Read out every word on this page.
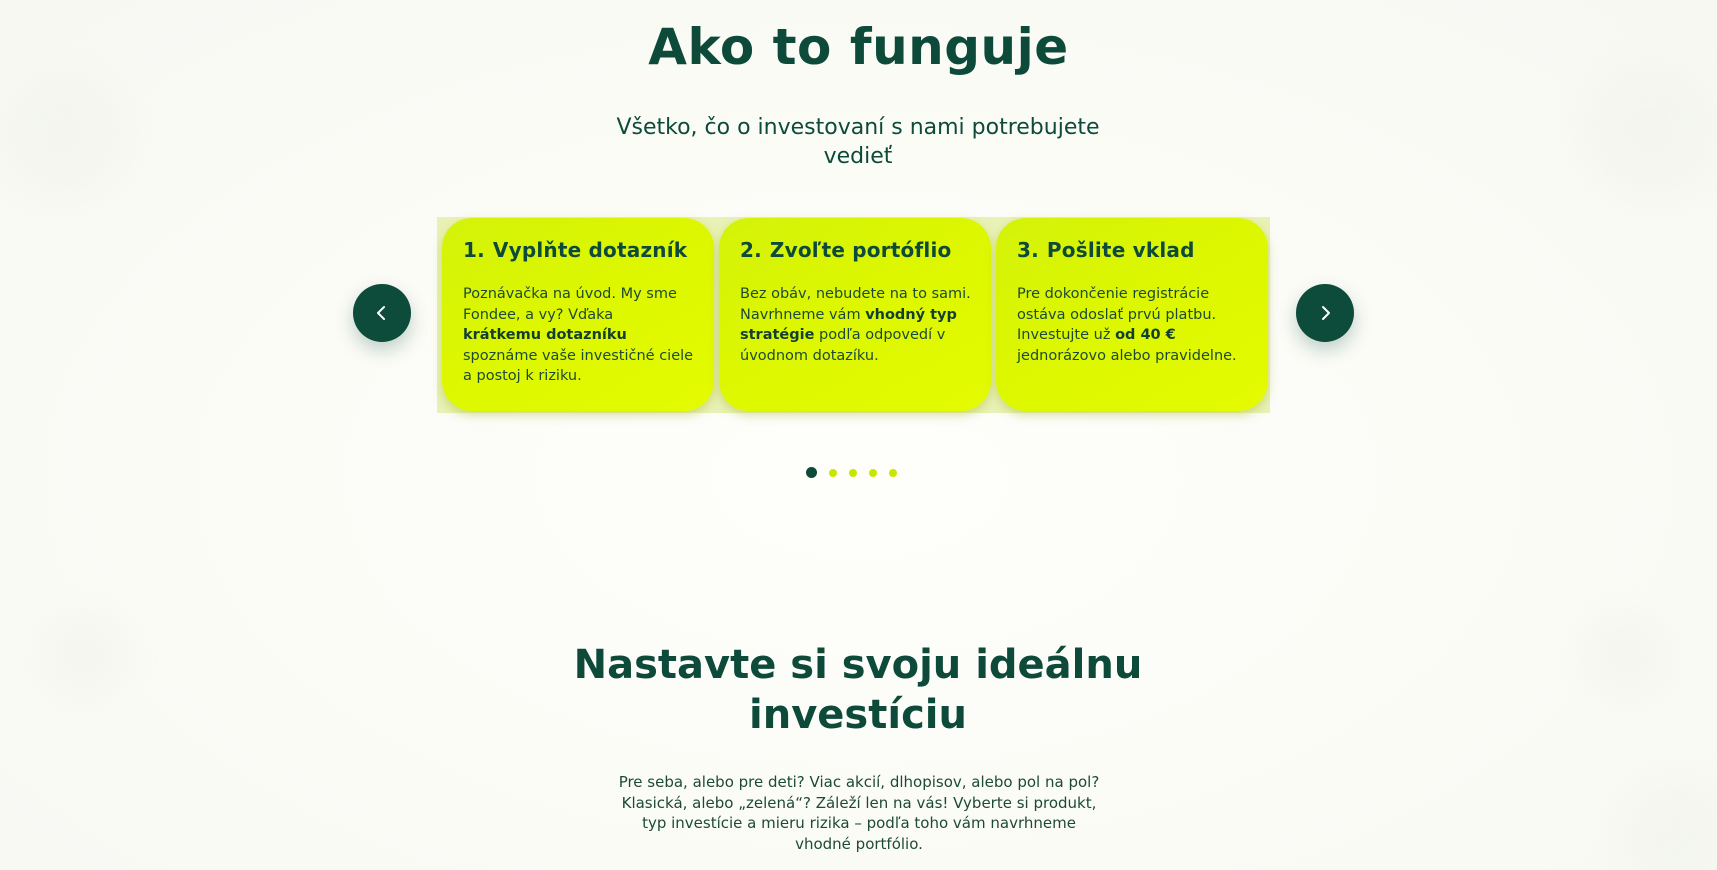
Ako to funguje

Všetko, čo o investovaní s nami potrebujete vedieť

1. Vyplňte dotazník

Poznávačka na úvod. My sme Fondee, a vy? Vďaka krátkemu dotazníku spoznáme vaše investičné ciele a postoj k riziku.

2. Zvoľte portóflio

Bez obáv, nebudete na to sami. Navrhneme vám vhodný typ stratégie podľa odpovedí v úvodnom dotazíku.

3. Pošlite vklad

Pre dokončenie registrácie ostáva odoslať prvú platbu. Investujte už od 40 € jednorázovo alebo pravidelne.

Nastavte si svoju ideálnu investíciu

Pre seba, alebo pre deti? Viac akcií, dlhopisov, alebo pol na pol? Klasická, alebo „zelená“? Záleží len na vás! Vyberte si produkt, typ investície a mieru rizika – podľa toho vám navrhneme vhodné portfólio.
